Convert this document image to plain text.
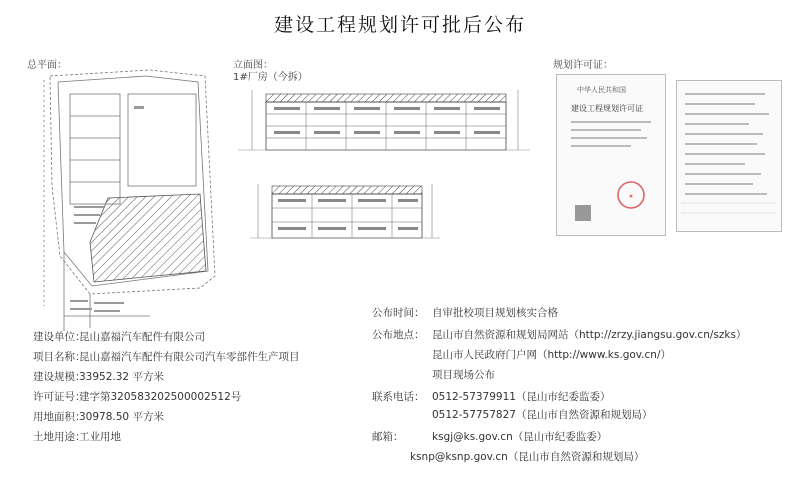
建设工程规划许可批后公布
总平面：	立面图：
1#厂房（今拆）
规划许可证：
中华人民共和国
建设工程规划许可证
★
建设单位：昆山嘉福汽车配件有限公司
项目名称：昆山嘉福汽车配件有限公司汽车零部件生产项目
建设规模：33952.32 平方米
许可证号：建字第320583202500002512号
用地面积：30978.50 平方米
土地用途：工业用地
公布时间： 自审批校项目规划核实合格
公布地点： 昆山市自然资源和规划局网站（http://zrzy.jiangsu.gov.cn/szks）
昆山市人民政府门户网（http://www.ks.gov.cn/）
项目现场公布
联系电话： 0512-57379911（昆山市纪委监委）
0512-57757827（昆山市自然资源和规划局）
邮箱：	ksgj@ks.gov.cn（昆山市纪委监委）
ksnp@ksnp.gov.cn（昆山市自然资源和规划局）
